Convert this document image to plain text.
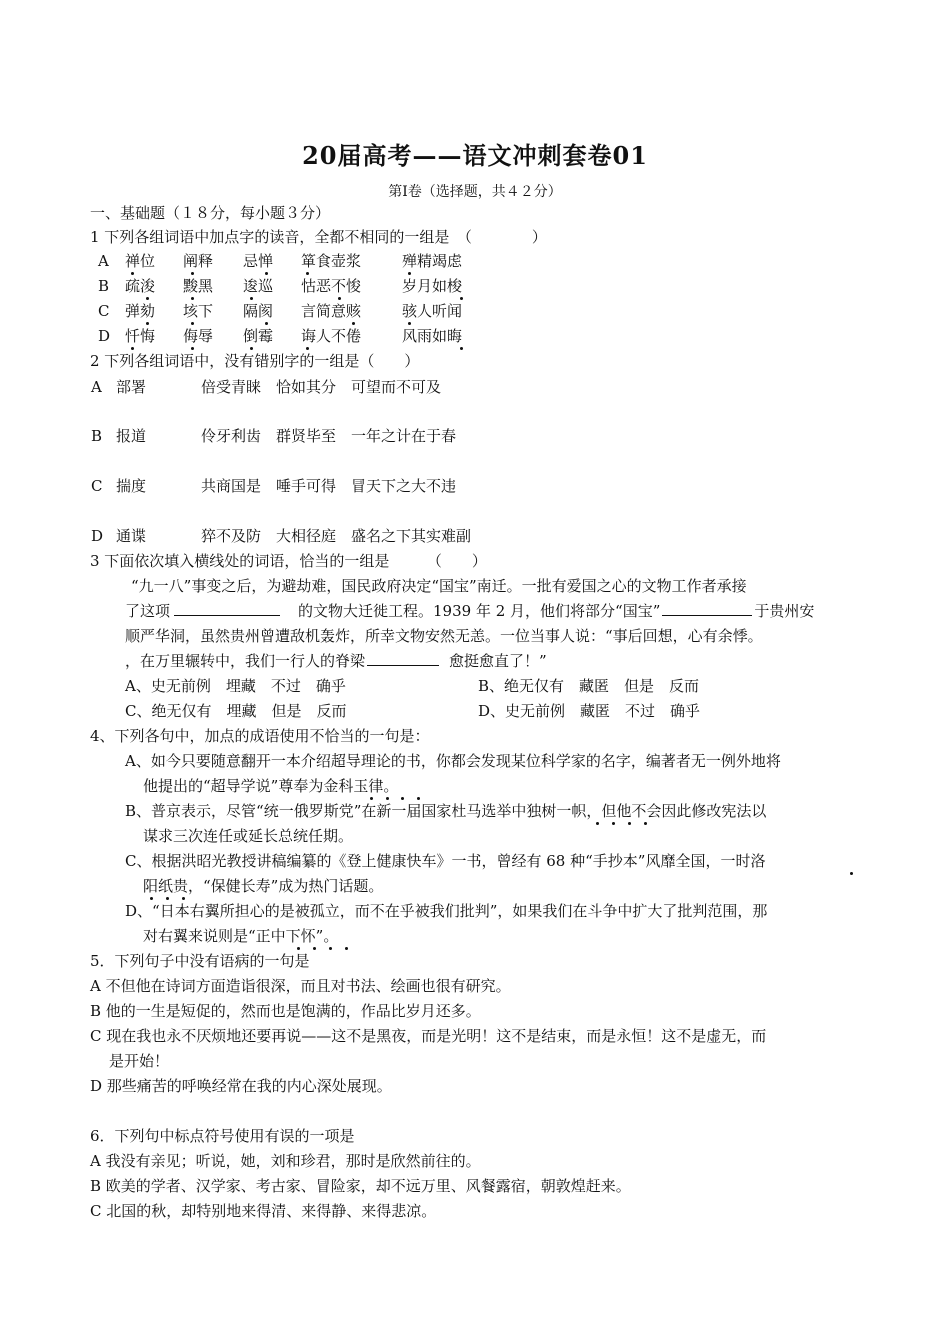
20届高考——语文冲刺套卷01
第Ⅰ卷（选择题，共４２分）
一、基础题（１８分，每小题３分）
1 下列各组词语中加点字的读音，全都不相同的一组是　（　　　　）
A 禅位 阐释 忌惮 箪食壶浆	殚精竭虑
B 疏浚 黢黑 逡巡 怙恶不悛	岁月如梭
C 弹劾 垓下 隔阂 言简意赅	骇人听闻
D 忏悔 侮辱 倒霉 诲人不倦	风雨如晦
2 下列各组词语中，没有错别字的一组是（　　）
A 部署	倍受青睐　恰如其分　可望而不可及
B 报道	伶牙利齿　群贤毕至　一年之计在于春
C 揣度	共商国是　唾手可得　冒天下之大不违
D 通谍	猝不及防　大相径庭　盛名之下其实难副
3 下面依次填入横线处的词语，恰当的一组是　　　（　　）
“九一八”事变之后，为避劫难，国民政府决定“国宝”南迁。一批有爱国之心的文物工作者承接
了这项	的文物大迁徙工程。1939 年 2 月，他们将部分“国宝”	于贵州安
顺严华洞，虽然贵州曾遭敌机轰炸，所幸文物安然无恙。一位当事人说：“事后回想，心有余悸。
，在万里辗转中，我们一行人的脊梁	愈挺愈直了！”
A、史无前例　埋藏　不过　确乎	B、绝无仅有　藏匿　但是　反而
C、绝无仅有　埋藏　但是　反而	D、史无前例　藏匿　不过　确乎
4、下列各句中，加点的成语使用不恰当的一句是：
A、如今只要随意翻开一本介绍超导理论的书，你都会发现某位科学家的名字，编著者无一例外地将
他提出的“超导学说”尊奉为金科玉律。
B、普京表示，尽管“统一俄罗斯党”在新一届国家杜马选举中独树一帜，但他不会因此修改宪法以
谋求三次连任或延长总统任期。
C、根据洪昭光教授讲稿编纂的《登上健康快车》一书，曾经有 68 种“手抄本”风靡全国，一时洛
阳纸贵，“保健长寿”成为热门话题。
D、“日本右翼所担心的是被孤立，而不在乎被我们批判”，如果我们在斗争中扩大了批判范围，那
对右翼来说则是“正中下怀”。
5．下列句子中没有语病的一句是
A 不但他在诗词方面造诣很深，而且对书法、绘画也很有研究。
B 他的一生是短促的，然而也是饱满的，作品比岁月还多。
C 现在我也永不厌烦地还要再说——这不是黑夜，而是光明！这不是结束，而是永恒！这不是虚无，而
是开始！
D 那些痛苦的呼唤经常在我的内心深处展现。
6．下列句中标点符号使用有误的一项是
A 我没有亲见；听说，她，刘和珍君，那时是欣然前往的。
B 欧美的学者、汉学家、考古家、冒险家，却不远万里、风餐露宿，朝敦煌赶来。
C 北国的秋，却特别地来得清、来得静、来得悲凉。
